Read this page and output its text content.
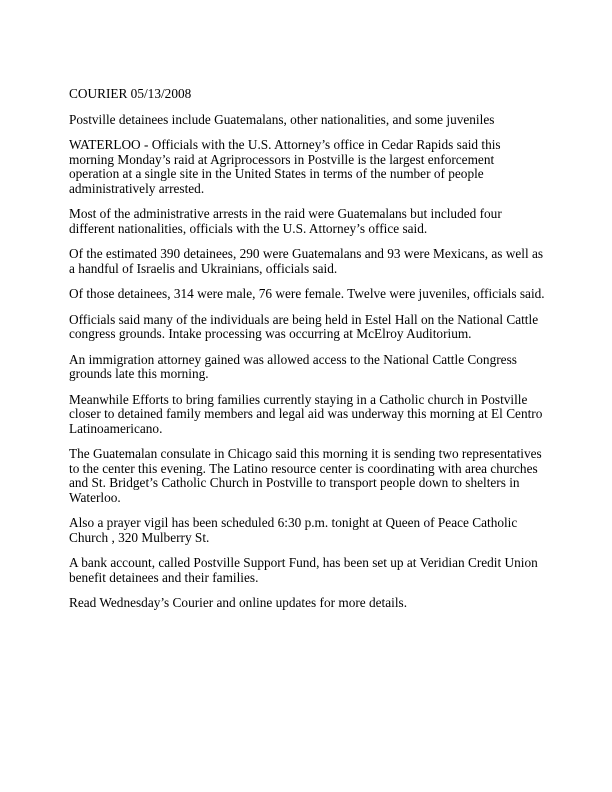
COURIER 05/13/2008

Postville detainees include Guatemalans, other nationalities, and some juveniles

WATERLOO - Officials with the U.S. Attorney’s office in Cedar Rapids said this morning Monday’s raid at Agriprocessors in Postville is the largest enforcement operation at a single site in the United States in terms of the number of people administratively arrested.

Most of the administrative arrests in the raid were Guatemalans but included four different nationalities, officials with the U.S. Attorney’s office said.

Of the estimated 390 detainees, 290 were Guatemalans and 93 were Mexicans, as well as a handful of Israelis and Ukrainians, officials said.

Of those detainees, 314 were male, 76 were female. Twelve were juveniles, officials said.

Officials said many of the individuals are being held in Estel Hall on the National Cattle congress grounds. Intake processing was occurring at McElroy Auditorium.

An immigration attorney gained was allowed access to the National Cattle Congress grounds late this morning.

Meanwhile Efforts to bring families currently staying in a Catholic church in Postville closer to detained family members and legal aid was underway this morning at El Centro Latinoamericano.

The Guatemalan consulate in Chicago said this morning it is sending two representatives to the center this evening. The Latino resource center is coordinating with area churches and St. Bridget’s Catholic Church in Postville to transport people down to shelters in Waterloo.

Also a prayer vigil has been scheduled 6:30 p.m. tonight at Queen of Peace Catholic Church , 320 Mulberry St.

A bank account, called Postville Support Fund, has been set up at Veridian Credit Union benefit detainees and their families.

Read Wednesday’s Courier and online updates for more details.
